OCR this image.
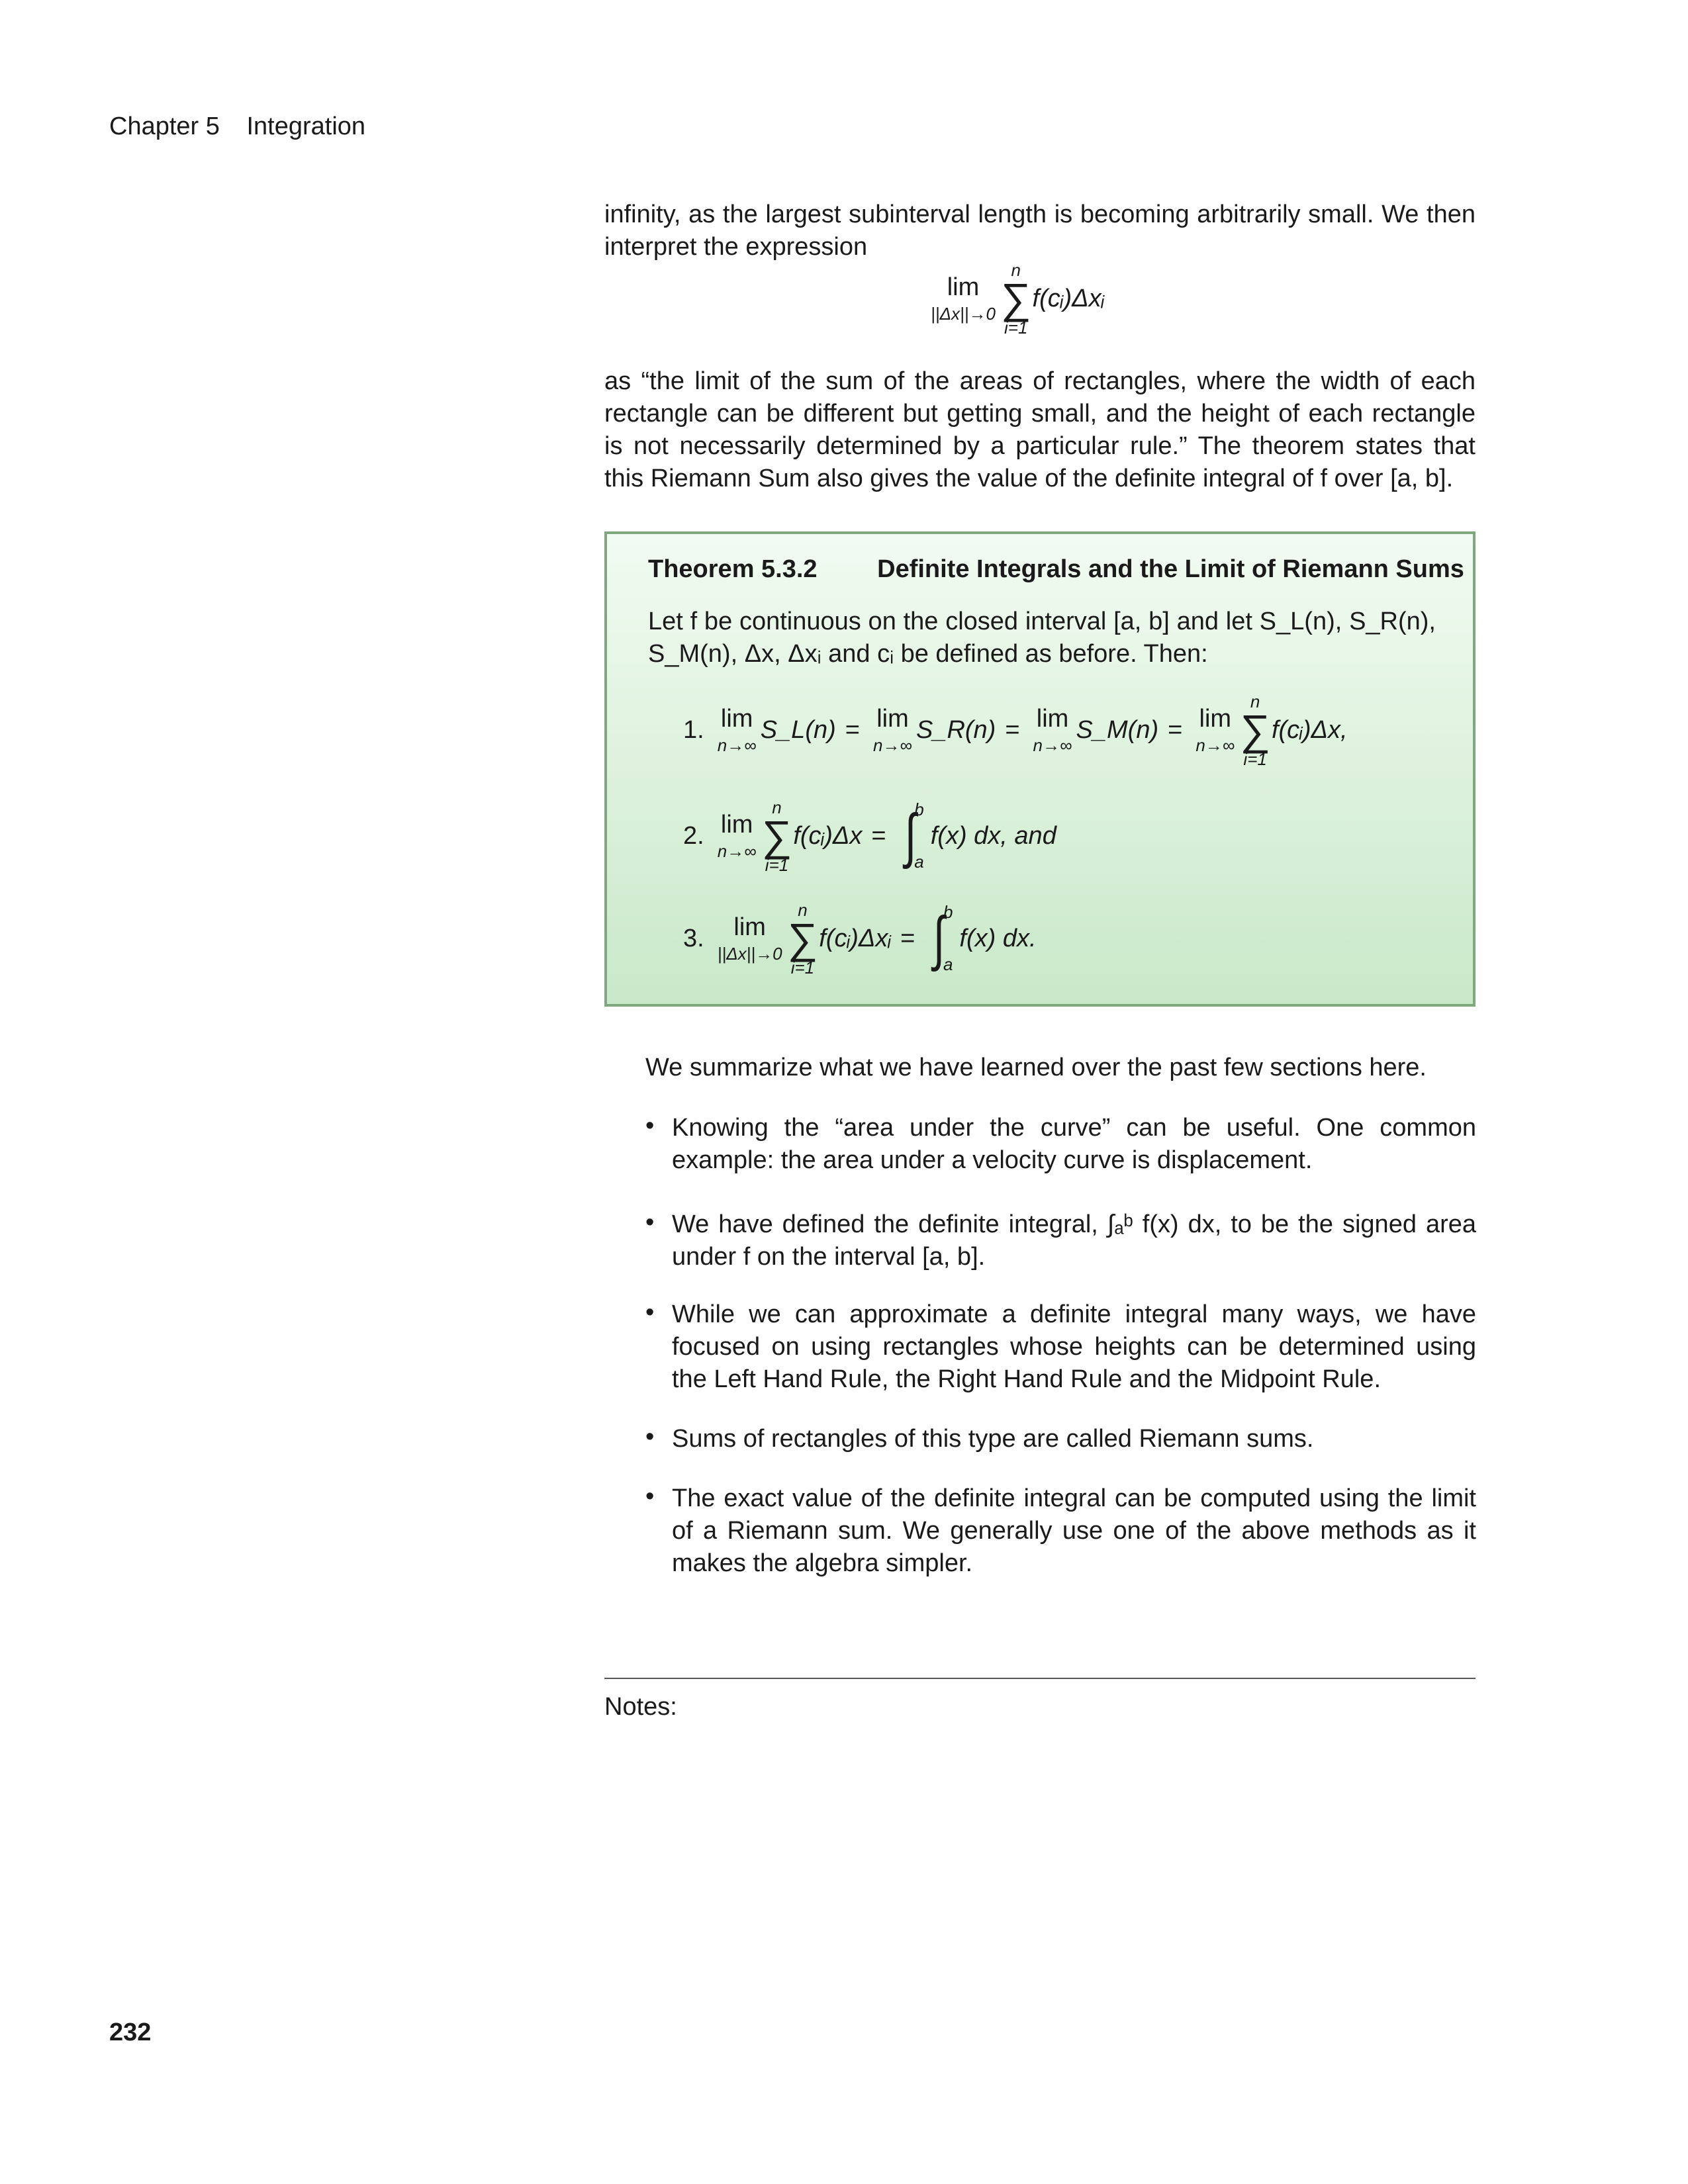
Chapter 5 Integration
infinity, as the largest subinterval length is becoming arbitrarily small. We then interpret the expression
lim
||Δx||→0
n
∑
i=1
f(cᵢ)Δxᵢ
as “the limit of the sum of the areas of rectangles, where the width of each rectangle can be different but getting small, and the height of each rectangle is not necessarily determined by a particular rule.” The theorem states that this Riemann Sum also gives the value of the definite integral of f over [a, b].
Theorem 5.3.2 Definite Integrals and the Limit of Riemann Sums
Let f be continuous on the closed interval [a, b] and let S_L(n), S_R(n), S_M(n), Δx, Δxᵢ and cᵢ be defined as before. Then:
1. lim
n→∞
S_L(n) = lim
n→∞
S_R(n) = lim
n→∞
S_M(n) = lim
n→∞
n
∑
i=1
f(cᵢ)Δx,
2. lim
n→∞
n
∑
i=1
f(cᵢ)Δx = ∫
b
a
f(x) dx, and
3. lim
||Δx||→0
n
∑
i=1
f(cᵢ)Δxᵢ = ∫
b
a
f(x) dx.
We summarize what we have learned over the past few sections here.
• Knowing the “area under the curve” can be useful. One common example: the area under a velocity curve is displacement.
• We have defined the definite integral, ∫ₐᵇ f(x) dx, to be the signed area under f on the interval [a, b].
• While we can approximate a definite integral many ways, we have focused on using rectangles whose heights can be determined using the Left Hand Rule, the Right Hand Rule and the Midpoint Rule.
• Sums of rectangles of this type are called Riemann sums.
• The exact value of the definite integral can be computed using the limit of a Riemann sum. We generally use one of the above methods as it makes the algebra simpler.
Notes:
232
